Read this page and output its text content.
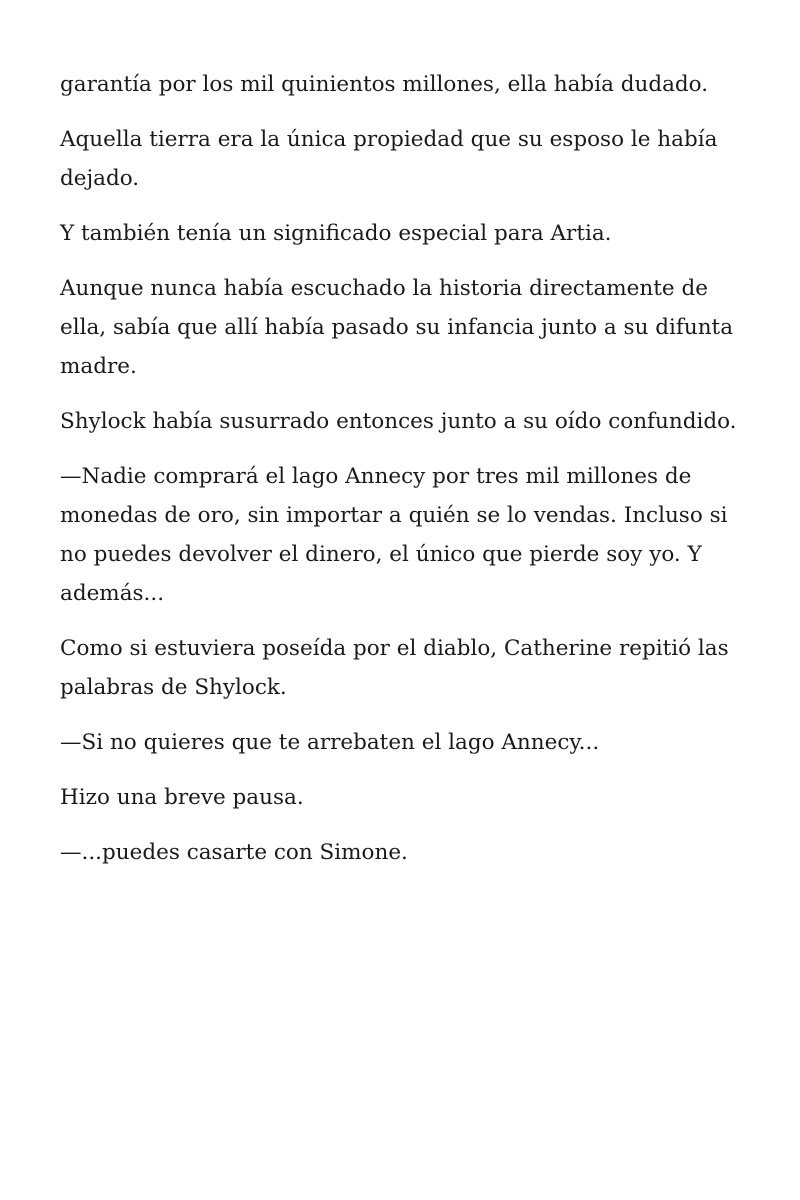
garantía por los mil quinientos millones, ella había dudado.

Aquella tierra era la única propiedad que su esposo le había dejado.

Y también tenía un significado especial para Artia.

Aunque nunca había escuchado la historia directamente de ella, sabía que allí había pasado su infancia junto a su difunta madre.

Shylock había susurrado entonces junto a su oído confundido.

—Nadie comprará el lago Annecy por tres mil millones de monedas de oro, sin importar a quién se lo vendas. Incluso si no puedes devolver el dinero, el único que pierde soy yo. Y además...

Como si estuviera poseída por el diablo, Catherine repitió las palabras de Shylock.

—Si no quieres que te arrebaten el lago Annecy...

Hizo una breve pausa.

—...puedes casarte con Simone.
